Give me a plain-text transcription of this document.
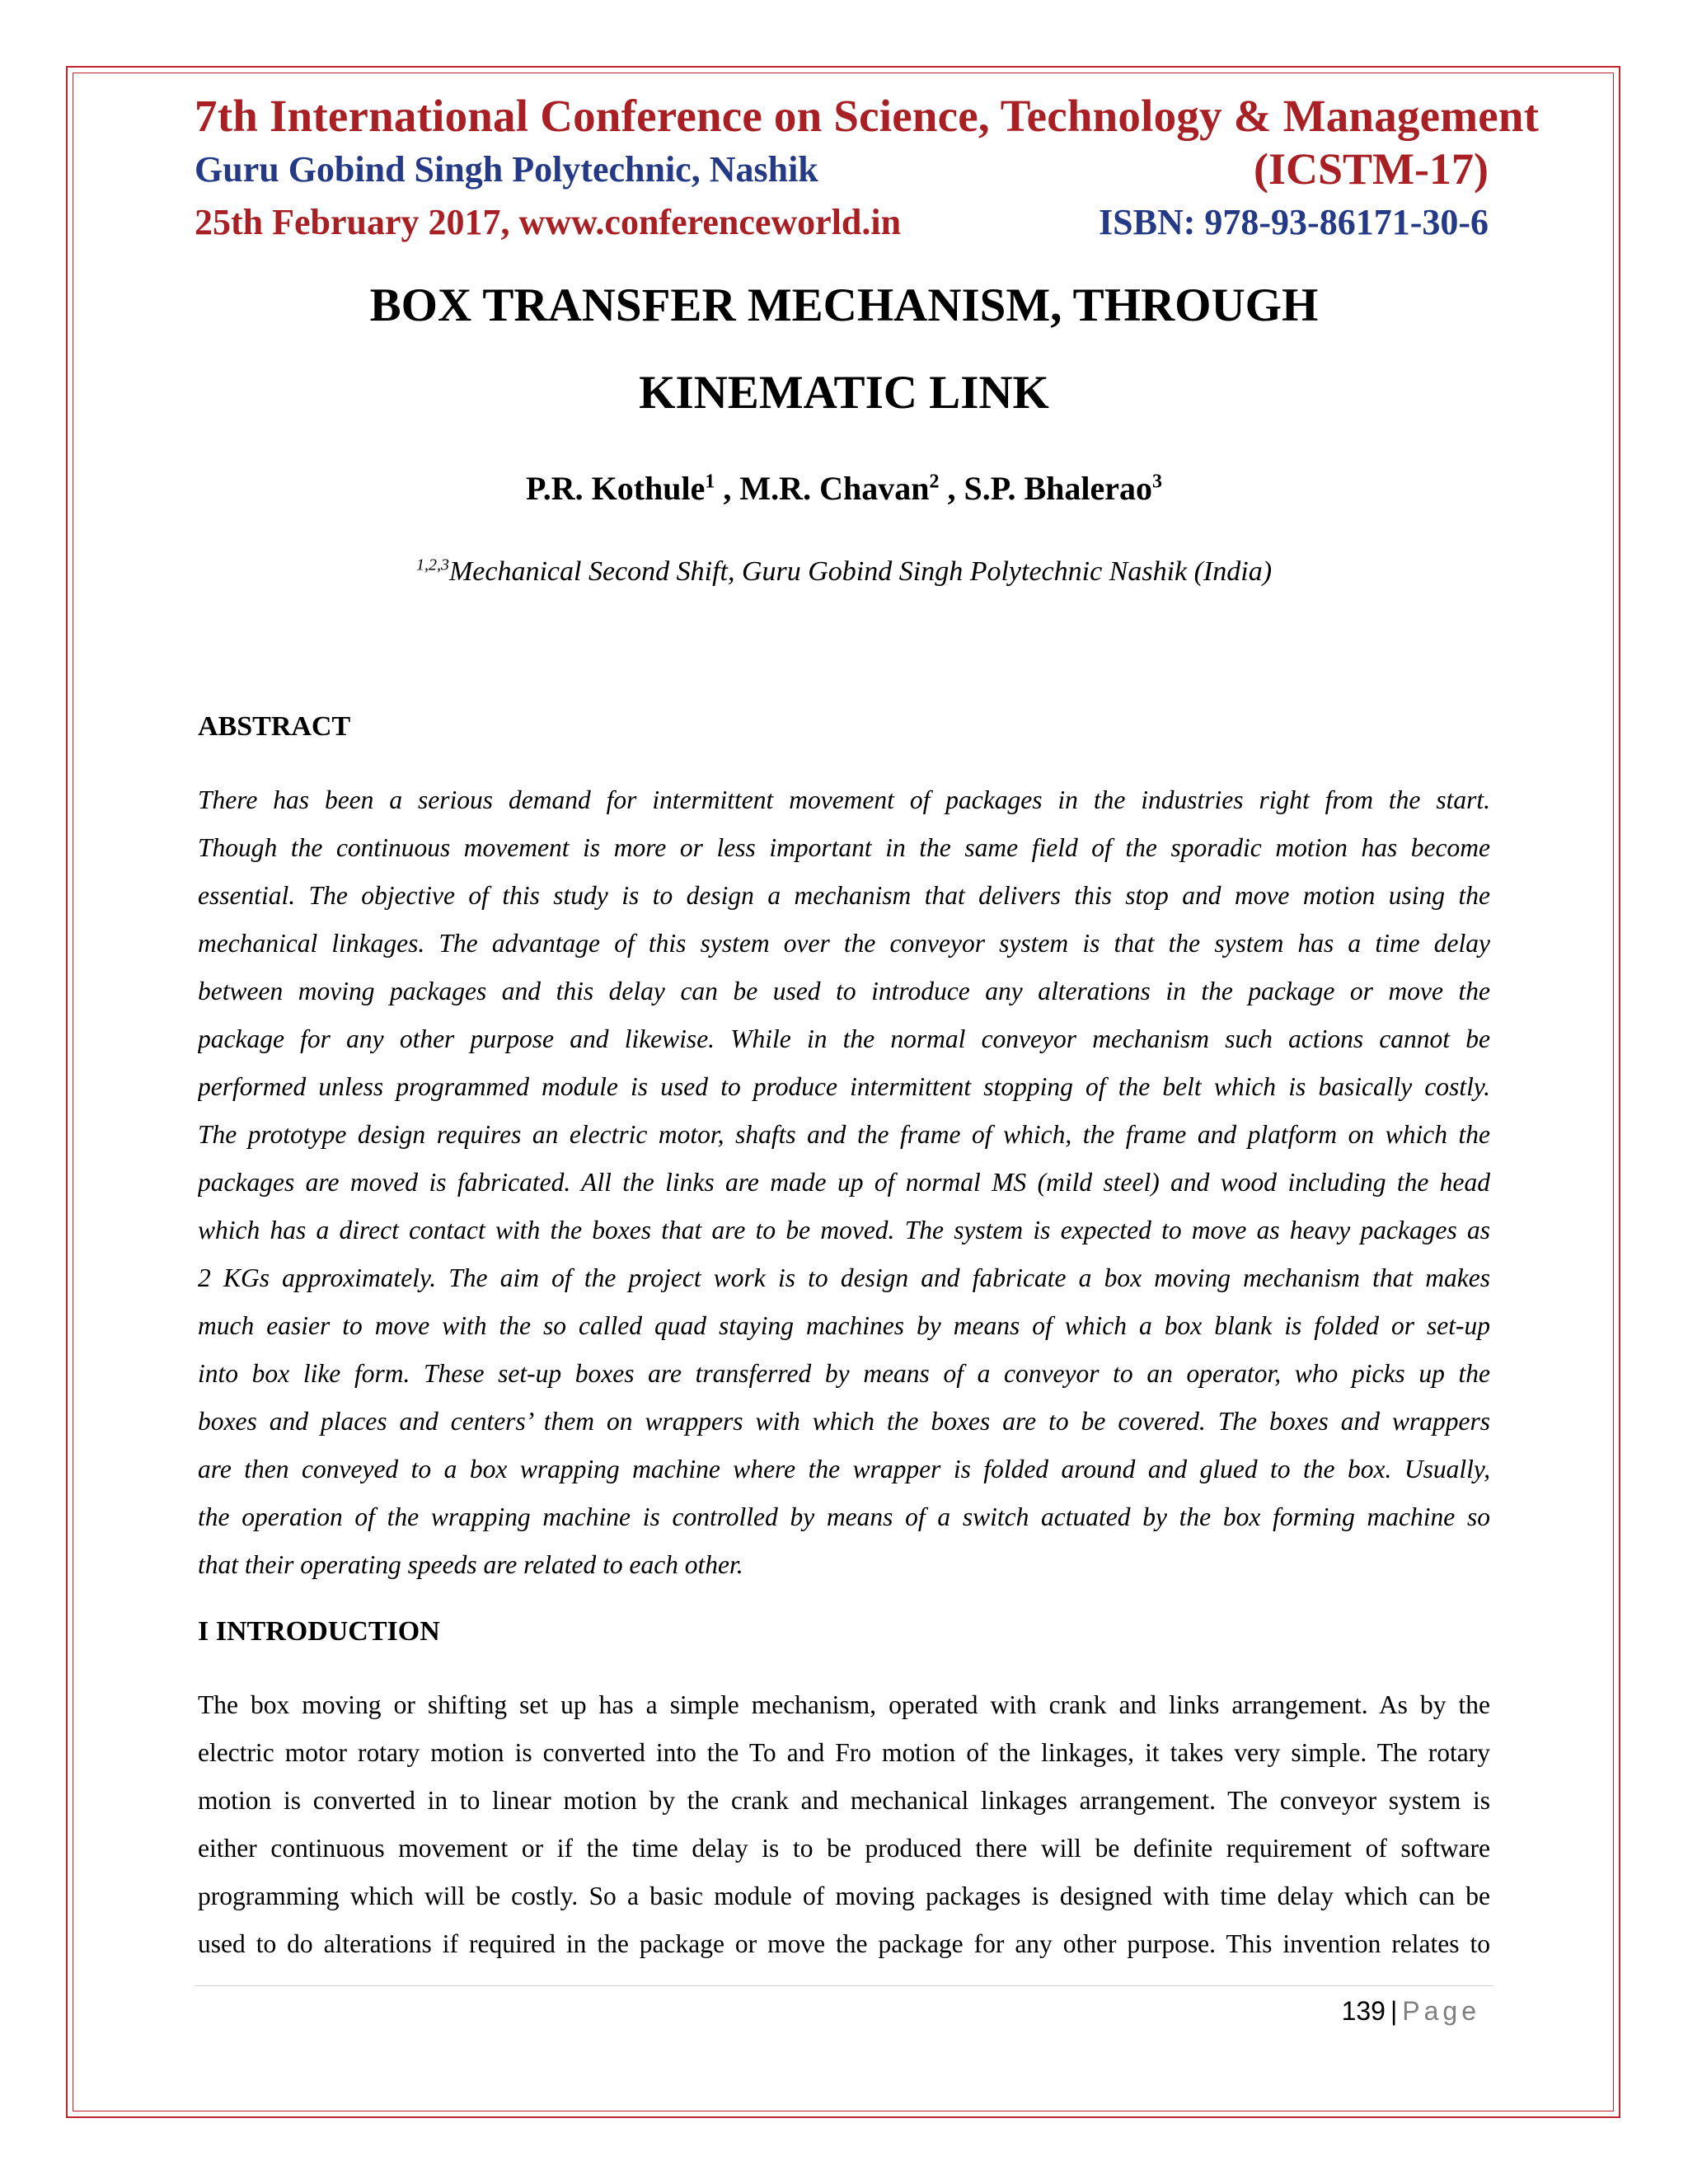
7th International Conference on Science, Technology & Management
Guru Gobind Singh Polytechnic, Nashik	(ICSTM-17)
25th February 2017, www.conferenceworld.in	ISBN: 978-93-86171-30-6
BOX TRANSFER MECHANISM, THROUGH
KINEMATIC LINK
P.R. Kothule$^1$ , M.R. Chavan$^2$ , S.P. Bhalerao$^3$
$^{1,2,3}$Mechanical Second Shift, Guru Gobind Singh Polytechnic Nashik (India)
ABSTRACT
There has been a serious demand for intermittent movement of packages in the industries right from the start.
Though the continuous movement is more or less important in the same field of the sporadic motion has become
essential. The objective of this study is to design a mechanism that delivers this stop and move motion using the
mechanical linkages. The advantage of this system over the conveyor system is that the system has a time delay
between moving packages and this delay can be used to introduce any alterations in the package or move the
package for any other purpose and likewise. While in the normal conveyor mechanism such actions cannot be
performed unless programmed module is used to produce intermittent stopping of the belt which is basically costly.
The prototype design requires an electric motor, shafts and the frame of which, the frame and platform on which the
packages are moved is fabricated. All the links are made up of normal MS (mild steel) and wood including the head
which has a direct contact with the boxes that are to be moved. The system is expected to move as heavy packages as
2 KGs approximately. The aim of the project work is to design and fabricate a box moving mechanism that makes
much easier to move with the so called quad staying machines by means of which a box blank is folded or set-up
into box like form. These set-up boxes are transferred by means of a conveyor to an operator, who picks up the
boxes and places and centers’ them on wrappers with which the boxes are to be covered. The boxes and wrappers
are then conveyed to a box wrapping machine where the wrapper is folded around and glued to the box. Usually,
the operation of the wrapping machine is controlled by means of a switch actuated by the box forming machine so
that their operating speeds are related to each other.
I INTRODUCTION
The box moving or shifting set up has a simple mechanism, operated with crank and links arrangement. As by the
electric motor rotary motion is converted into the To and Fro motion of the linkages, it takes very simple. The rotary
motion is converted in to linear motion by the crank and mechanical linkages arrangement. The conveyor system is
either continuous movement or if the time delay is to be produced there will be definite requirement of software
programming which will be costly. So a basic module of moving packages is designed with time delay which can be
used to do alterations if required in the package or move the package for any other purpose. This invention relates to
139 | Page
